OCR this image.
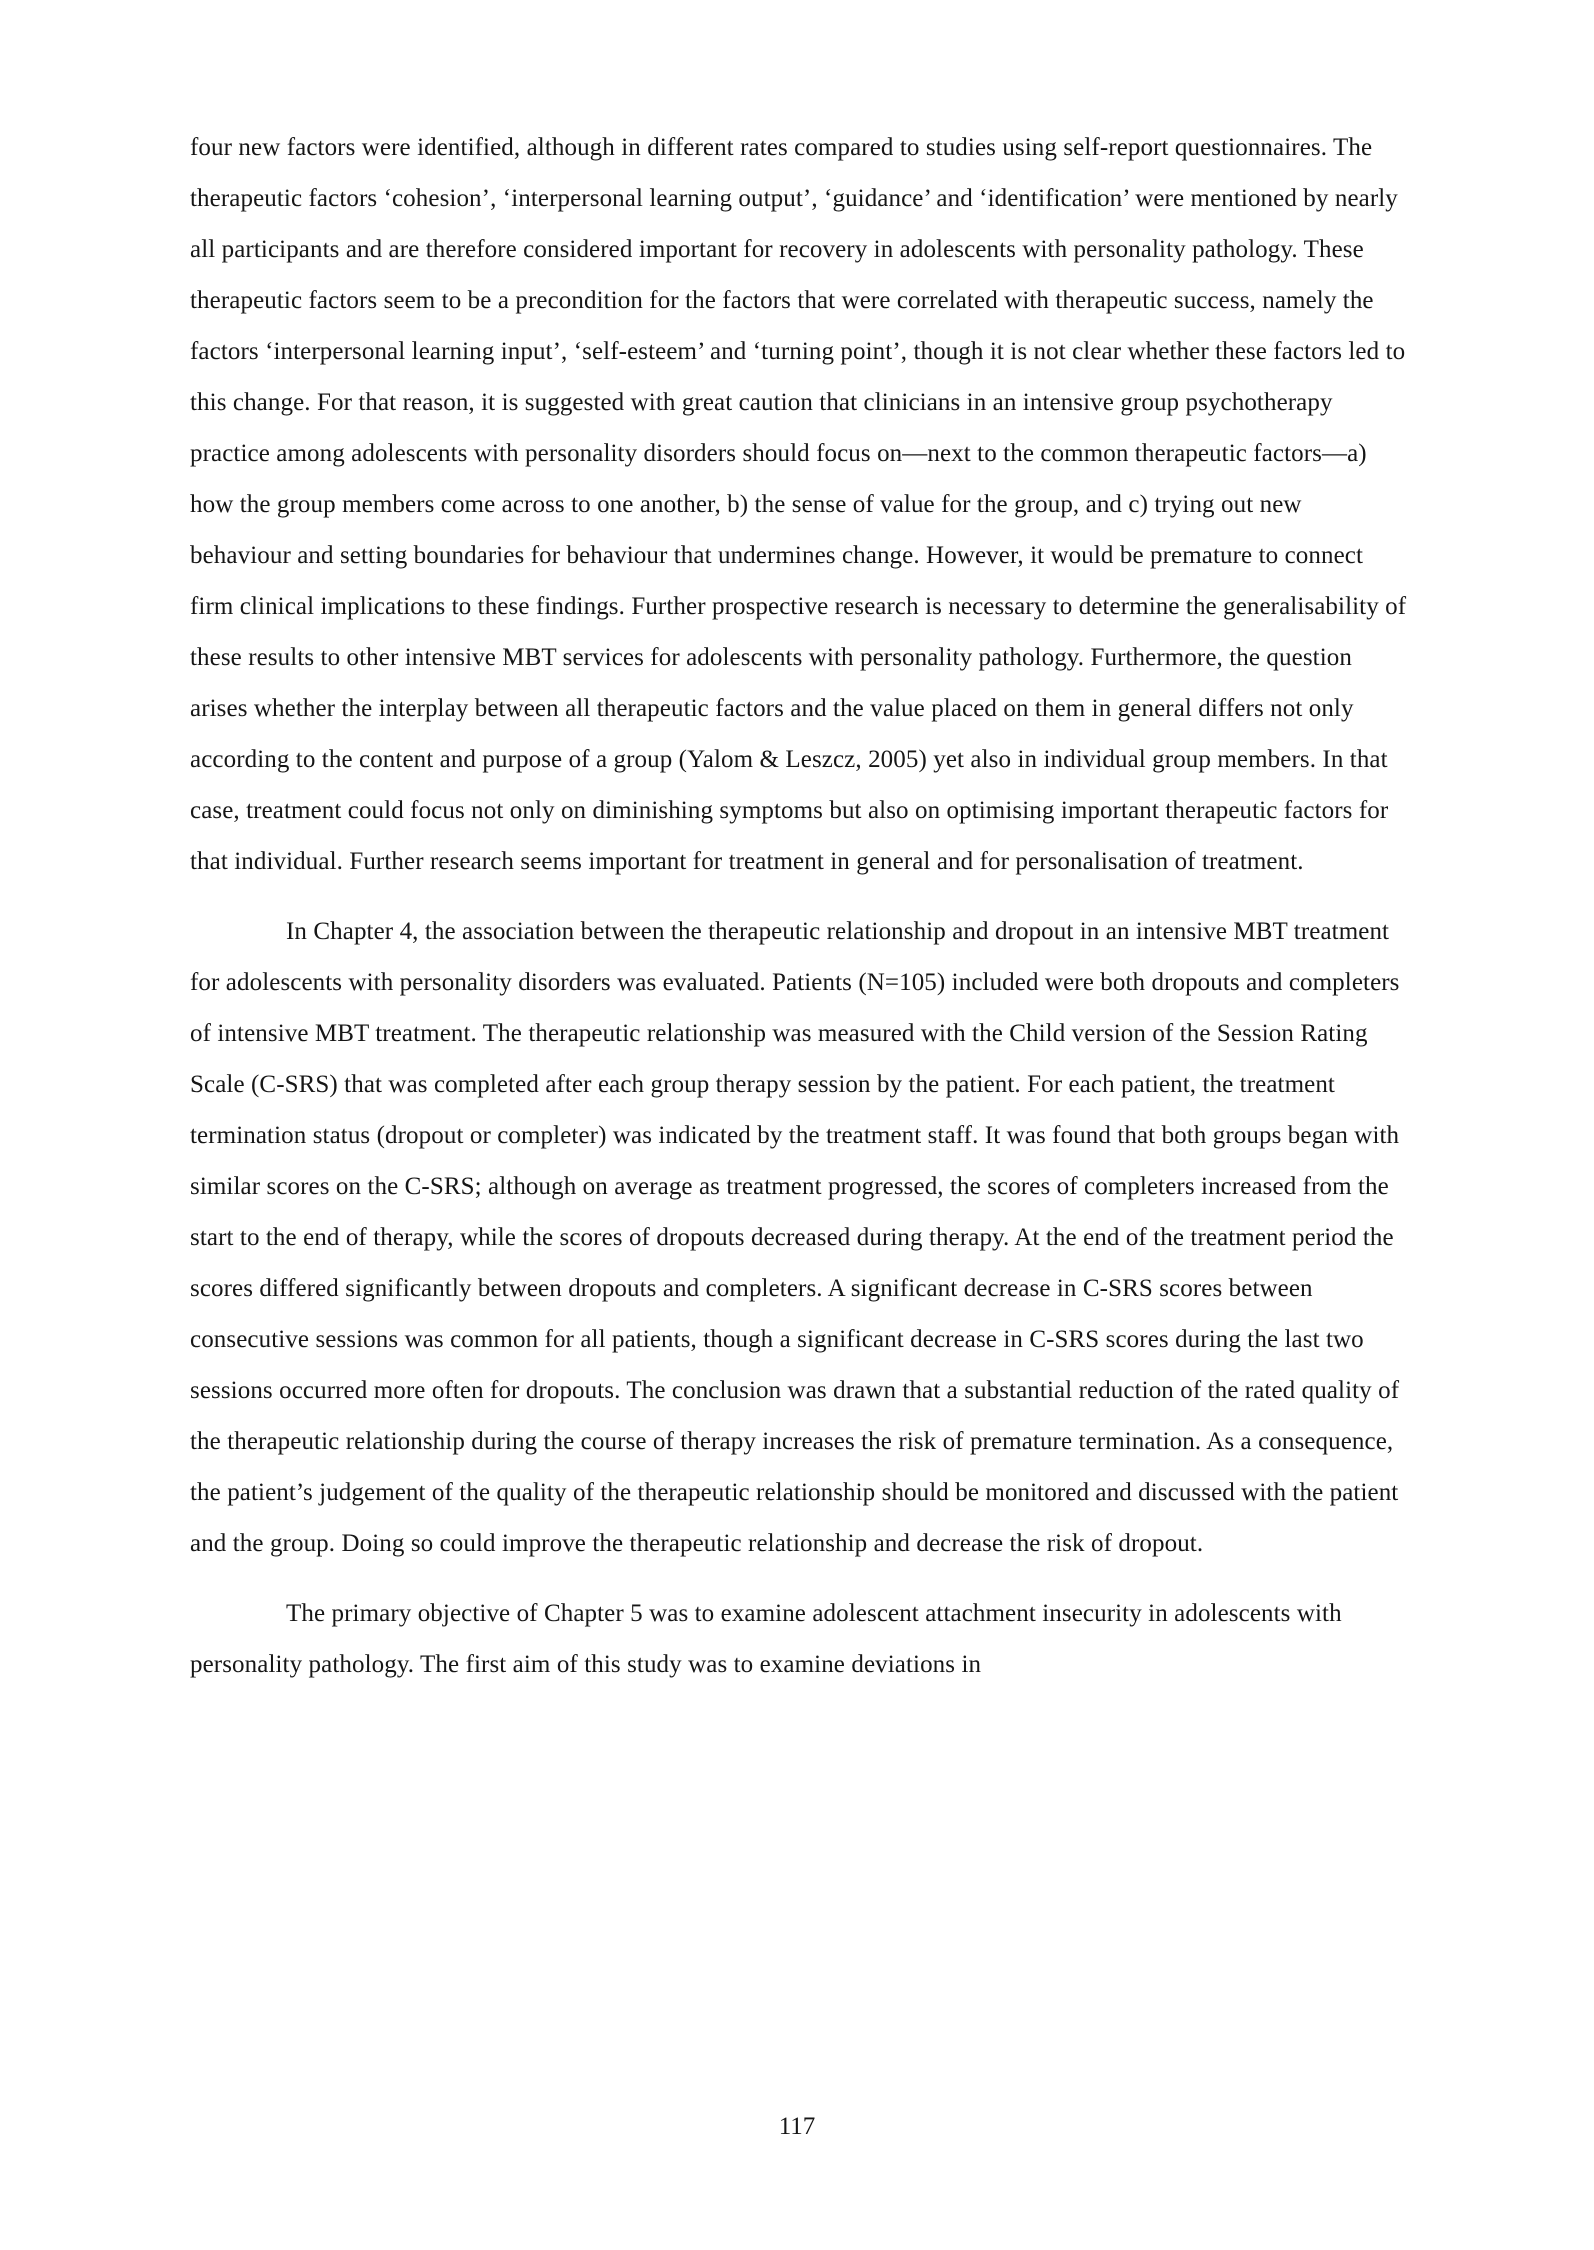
four new factors were identified, although in different rates compared to studies using self-report questionnaires. The therapeutic factors ‘cohesion’, ‘interpersonal learning output’, ‘guidance’ and ‘identification’ were mentioned by nearly all participants and are therefore considered important for recovery in adolescents with personality pathology. These therapeutic factors seem to be a precondition for the factors that were correlated with therapeutic success, namely the factors ‘interpersonal learning input’, ‘self-esteem’ and ‘turning point’, though it is not clear whether these factors led to this change. For that reason, it is suggested with great caution that clinicians in an intensive group psychotherapy practice among adolescents with personality disorders should focus on—next to the common therapeutic factors—a) how the group members come across to one another, b) the sense of value for the group, and c) trying out new behaviour and setting boundaries for behaviour that undermines change. However, it would be premature to connect firm clinical implications to these findings. Further prospective research is necessary to determine the generalisability of these results to other intensive MBT services for adolescents with personality pathology. Furthermore, the question arises whether the interplay between all therapeutic factors and the value placed on them in general differs not only according to the content and purpose of a group (Yalom & Leszcz, 2005) yet also in individual group members. In that case, treatment could focus not only on diminishing symptoms but also on optimising important therapeutic factors for that individual. Further research seems important for treatment in general and for personalisation of treatment.

In Chapter 4, the association between the therapeutic relationship and dropout in an intensive MBT treatment for adolescents with personality disorders was evaluated. Patients (N=105) included were both dropouts and completers of intensive MBT treatment. The therapeutic relationship was measured with the Child version of the Session Rating Scale (C-SRS) that was completed after each group therapy session by the patient. For each patient, the treatment termination status (dropout or completer) was indicated by the treatment staff. It was found that both groups began with similar scores on the C-SRS; although on average as treatment progressed, the scores of completers increased from the start to the end of therapy, while the scores of dropouts decreased during therapy. At the end of the treatment period the scores differed significantly between dropouts and completers. A significant decrease in C-SRS scores between consecutive sessions was common for all patients, though a significant decrease in C-SRS scores during the last two sessions occurred more often for dropouts. The conclusion was drawn that a substantial reduction of the rated quality of the therapeutic relationship during the course of therapy increases the risk of premature termination. As a consequence, the patient’s judgement of the quality of the therapeutic relationship should be monitored and discussed with the patient and the group. Doing so could improve the therapeutic relationship and decrease the risk of dropout.

The primary objective of Chapter 5 was to examine adolescent attachment insecurity in adolescents with personality pathology. The first aim of this study was to examine deviations in

117
